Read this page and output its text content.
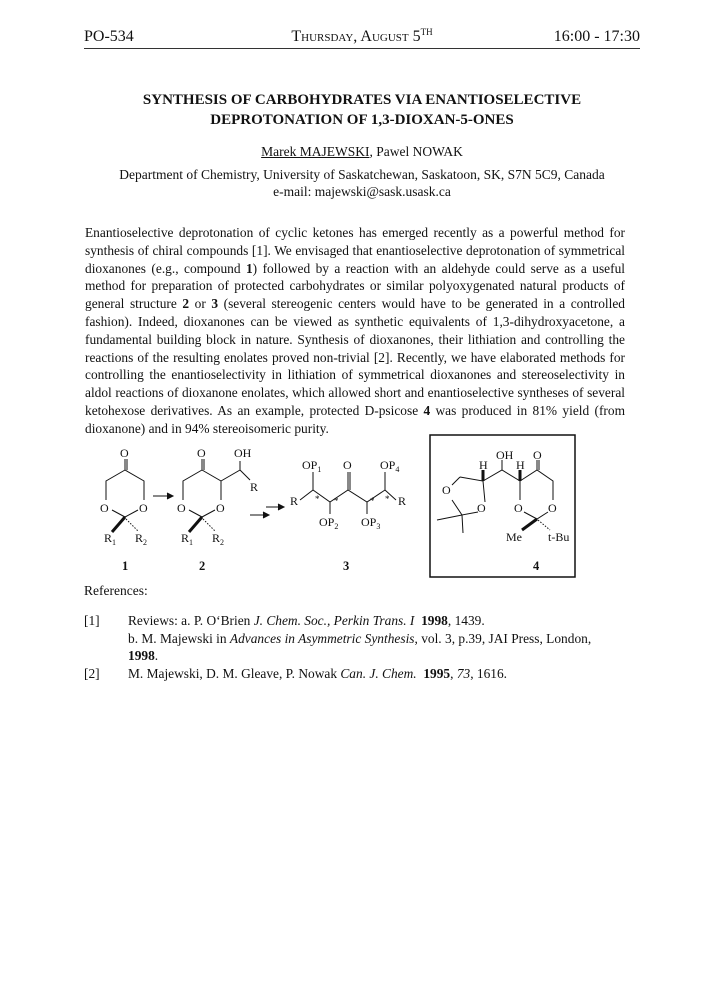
PO-534	Thursday, August 5TH	16:00 - 17:30
SYNTHESIS OF CARBOHYDRATES VIA ENANTIOSELECTIVE
DEPROTONATION OF 1,3-DIOXAN-5-ONES
Marek MAJEWSKI, Pawel NOWAK
Department of Chemistry, University of Saskatchewan, Saskatoon, SK, S7N 5C9, Canada
e-mail: majewski@sask.usask.ca
Enantioselective deprotonation of cyclic ketones has emerged recently as a powerful method for synthesis of chiral compounds [1]. We envisaged that enantioselective deprotonation of symmetrical dioxanones (e.g., compound 1) followed by a reaction with an aldehyde could serve as a useful method for preparation of protected carbohydrates or similar polyoxygenated natural products of general structure 2 or 3 (several stereogenic centers would have to be generated in a controlled fashion). Indeed, dioxanones can be viewed as synthetic equivalents of 1,3-dihydroxyacetone, a fundamental building block in nature. Synthesis of dioxanones, their lithiation and controlling the reactions of the resulting enolates proved non-trivial [2]. Recently, we have elaborated methods for controlling the enantioselectivity in lithiation of symmetrical dioxanones and stereoselectivity in aldol reactions of dioxanone enolates, which allowed short and enantioselective syntheses of several ketohexose derivatives. As an example, protected D-psicose 4 was produced in 81% yield (from dioxanone) and in 94% stereoisomeric purity.
O
O	O
$R_1$ $R_2$
1
O OH
R
O	O
$R_1$ $R_2$
2
R	R
$OP_1$ O $OP_4$
$OP_2$ $OP_3$
* *	* *
3
O
O
H
OH
H
O
O O
Me t-Bu
4
References:
[1]	Reviews: a. P. O‘Brien J. Chem. Soc., Perkin Trans. I 1998, 1439.
b. M. Majewski in Advances in Asymmetric Synthesis, vol. 3, p.39, JAI Press, London,
1998.
[2]	M. Majewski, D. M. Gleave, P. Nowak Can. J. Chem. 1995, 73, 1616.
